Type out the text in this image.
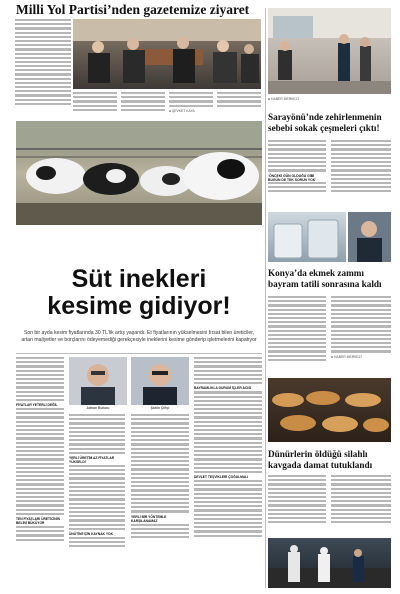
Milli Yol Partisi’nden gazetemize ziyaret
◘ ŞEVKET KAYA
◘ HABER MERKEZİ
Sarayönü’nde zehirlenmenin sebebi sokak çeşmeleri çıktı!
‘ÖNCEKİ GÜN OLDUĞU GİBİ BUGÜN DE TEK SORUN YOK’
Süt inekleri
kesime gidiyor!
Son bir ayda kesim fiyatlarında 30 TL’lik artış yaşandı. Et fiyatlarının yükselmesini fırsat bilen üreticiler, artan maliyetler ve borçlarını ödeyemediği gerekçesiyle ineklerini kesime gönderip işletmelerini kapatıyor
FİYATLAR YETERLİ DEĞİL
TEN FİYATLARI ÜRETİCİNİN BELİNİ BÜKÜYOR
Adnan Bulucu	Şahin Çiftçi
YERLİ ÜRETİM AZ FİYATLAR YÜKSELDİ
ÜNÜTİMİ İÇİN KAYNAK YOK
YERLİ BİR YÖNTEMLE KARŞILANAMAZ
BAYRAMLIKLA DURUM İÇLER ACISI
DEVLET TEŞVİKLERİ ÇOĞALMALI
Konya’da ekmek zammı bayram tatili sonrasına kaldı
◘ HABER MERKEZİ
Dünürlerin öldüğü silahlı kavgada damat tutuklandı
